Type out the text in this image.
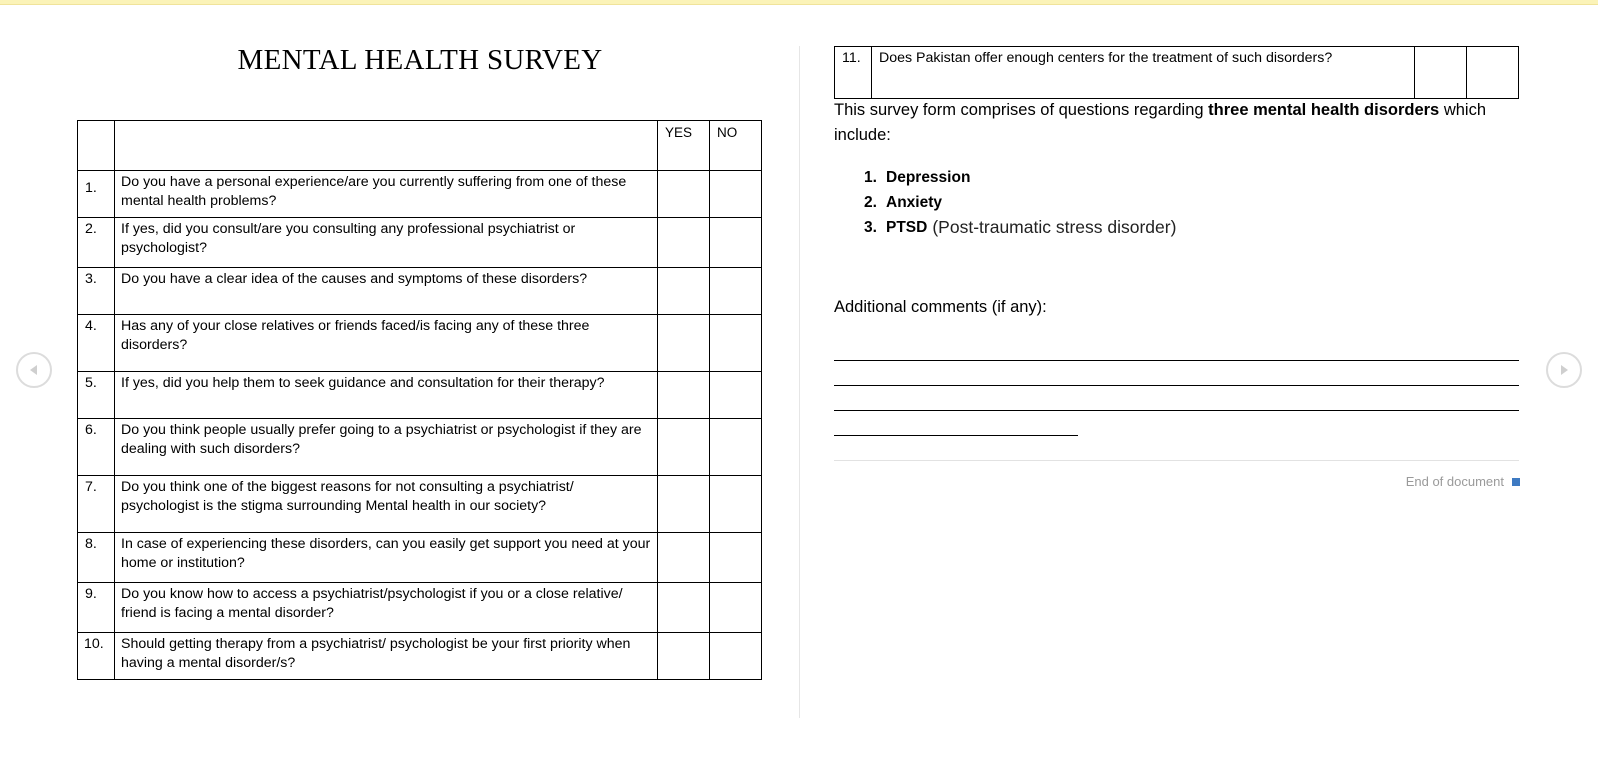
MENTAL HEALTH SURVEY
		YES	NO
1.	Do you have a personal experience/are you currently suffering from one of these mental health problems?		
2.	If yes, did you consult/are you consulting any professional psychiatrist or psychologist?		
3.	Do you have a clear idea of the causes and symptoms of these disorders?		
4.	Has any of your close relatives or friends faced/is facing any of these three disorders?		
5.	If yes, did you help them to seek guidance and consultation for their therapy?		
6.	Do you think people usually prefer going to a psychiatrist or psychologist if they are dealing with such disorders?		
7.	Do you think one of the biggest reasons for not consulting a psychiatrist/ psychologist is the stigma surrounding Mental health in our society?		
8.	In case of experiencing these disorders, can you easily get support you need at your home or institution?		
9.	Do you know how to access a psychiatrist/psychologist if you or a close relative/ friend is facing a mental disorder?		
10.	Should getting therapy from a psychiatrist/ psychologist be your first priority when having a mental disorder/s?		
11.	Does Pakistan offer enough centers for the treatment of such disorders?		
This survey form comprises of questions regarding three mental health disorders which include:
1. Depression
2. Anxiety
3. PTSD (Post-traumatic stress disorder)
Additional comments (if any):
End of document
